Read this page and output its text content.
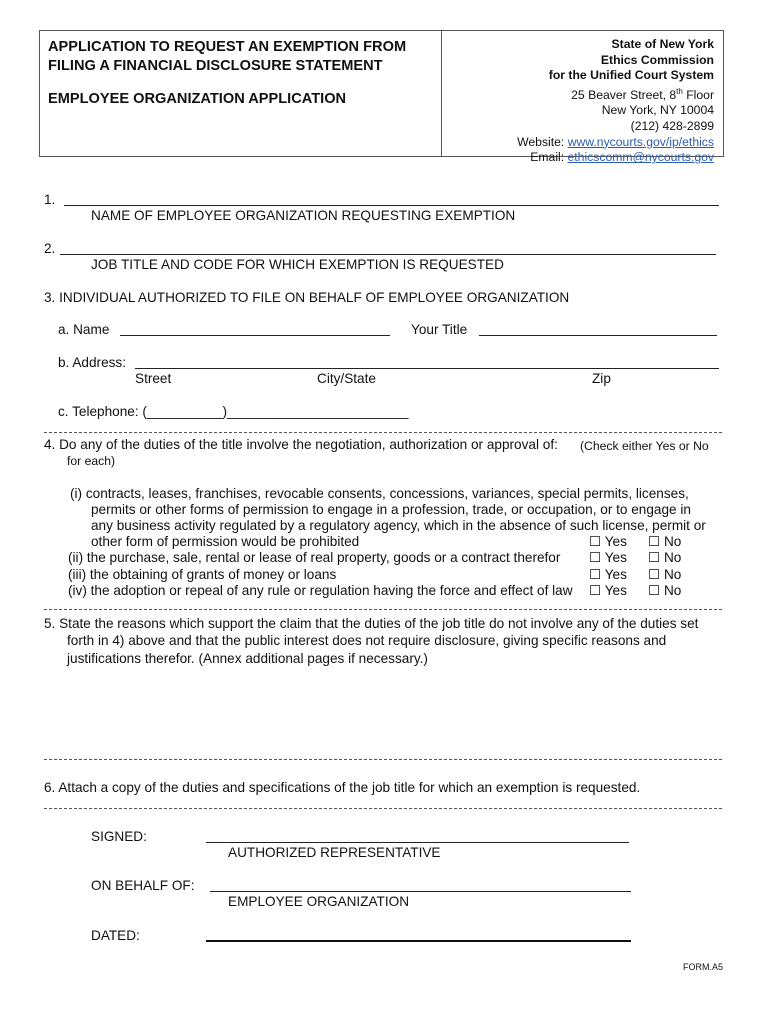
APPLICATION TO REQUEST AN EXEMPTION FROM
FILING A FINANCIAL DISCLOSURE STATEMENT
EMPLOYEE ORGANIZATION APPLICATION
State of New York
Ethics Commission
for the Unified Court System
25 Beaver Street, 8th Floor
New York, NY 10004
(212) 428-2899
Website: www.nycourts.gov/ip/ethics
Email: ethicscomm@nycourts.gov
1.
NAME OF EMPLOYEE ORGANIZATION REQUESTING EXEMPTION
2.
JOB TITLE AND CODE FOR WHICH EXEMPTION IS REQUESTED
3. INDIVIDUAL AUTHORIZED TO FILE ON BEHALF OF EMPLOYEE ORGANIZATION
a. Name	Your Title
b. Address:
Street	City/State	Zip
c. Telephone: (__________)________________________
4. Do any of the duties of the title involve the negotiation, authorization or approval of: (Check either Yes or No
for each)
(i) contracts, leases, franchises, revocable consents, concessions, variances, special permits, licenses,
permits or other forms of permission to engage in a profession, trade, or occupation, or to engage in
any business activity regulated by a regulatory agency, which in the absence of such license, permit or
other form of permission would be prohibited	☐ Yes ☐ No
(ii) the purchase, sale, rental or lease of real property, goods or a contract therefor ☐ Yes ☐ No
(iii) the obtaining of grants of money or loans	☐ Yes ☐ No
(iv) the adoption or repeal of any rule or regulation having the force and effect of law ☐ Yes ☐ No
5. State the reasons which support the claim that the duties of the job title do not involve any of the duties set
forth in 4) above and that the public interest does not require disclosure, giving specific reasons and
justifications therefor. (Annex additional pages if necessary.)
6. Attach a copy of the duties and specifications of the job title for which an exemption is requested.
SIGNED:
AUTHORIZED REPRESENTATIVE
ON BEHALF OF:
EMPLOYEE ORGANIZATION
DATED:
FORM.A5
